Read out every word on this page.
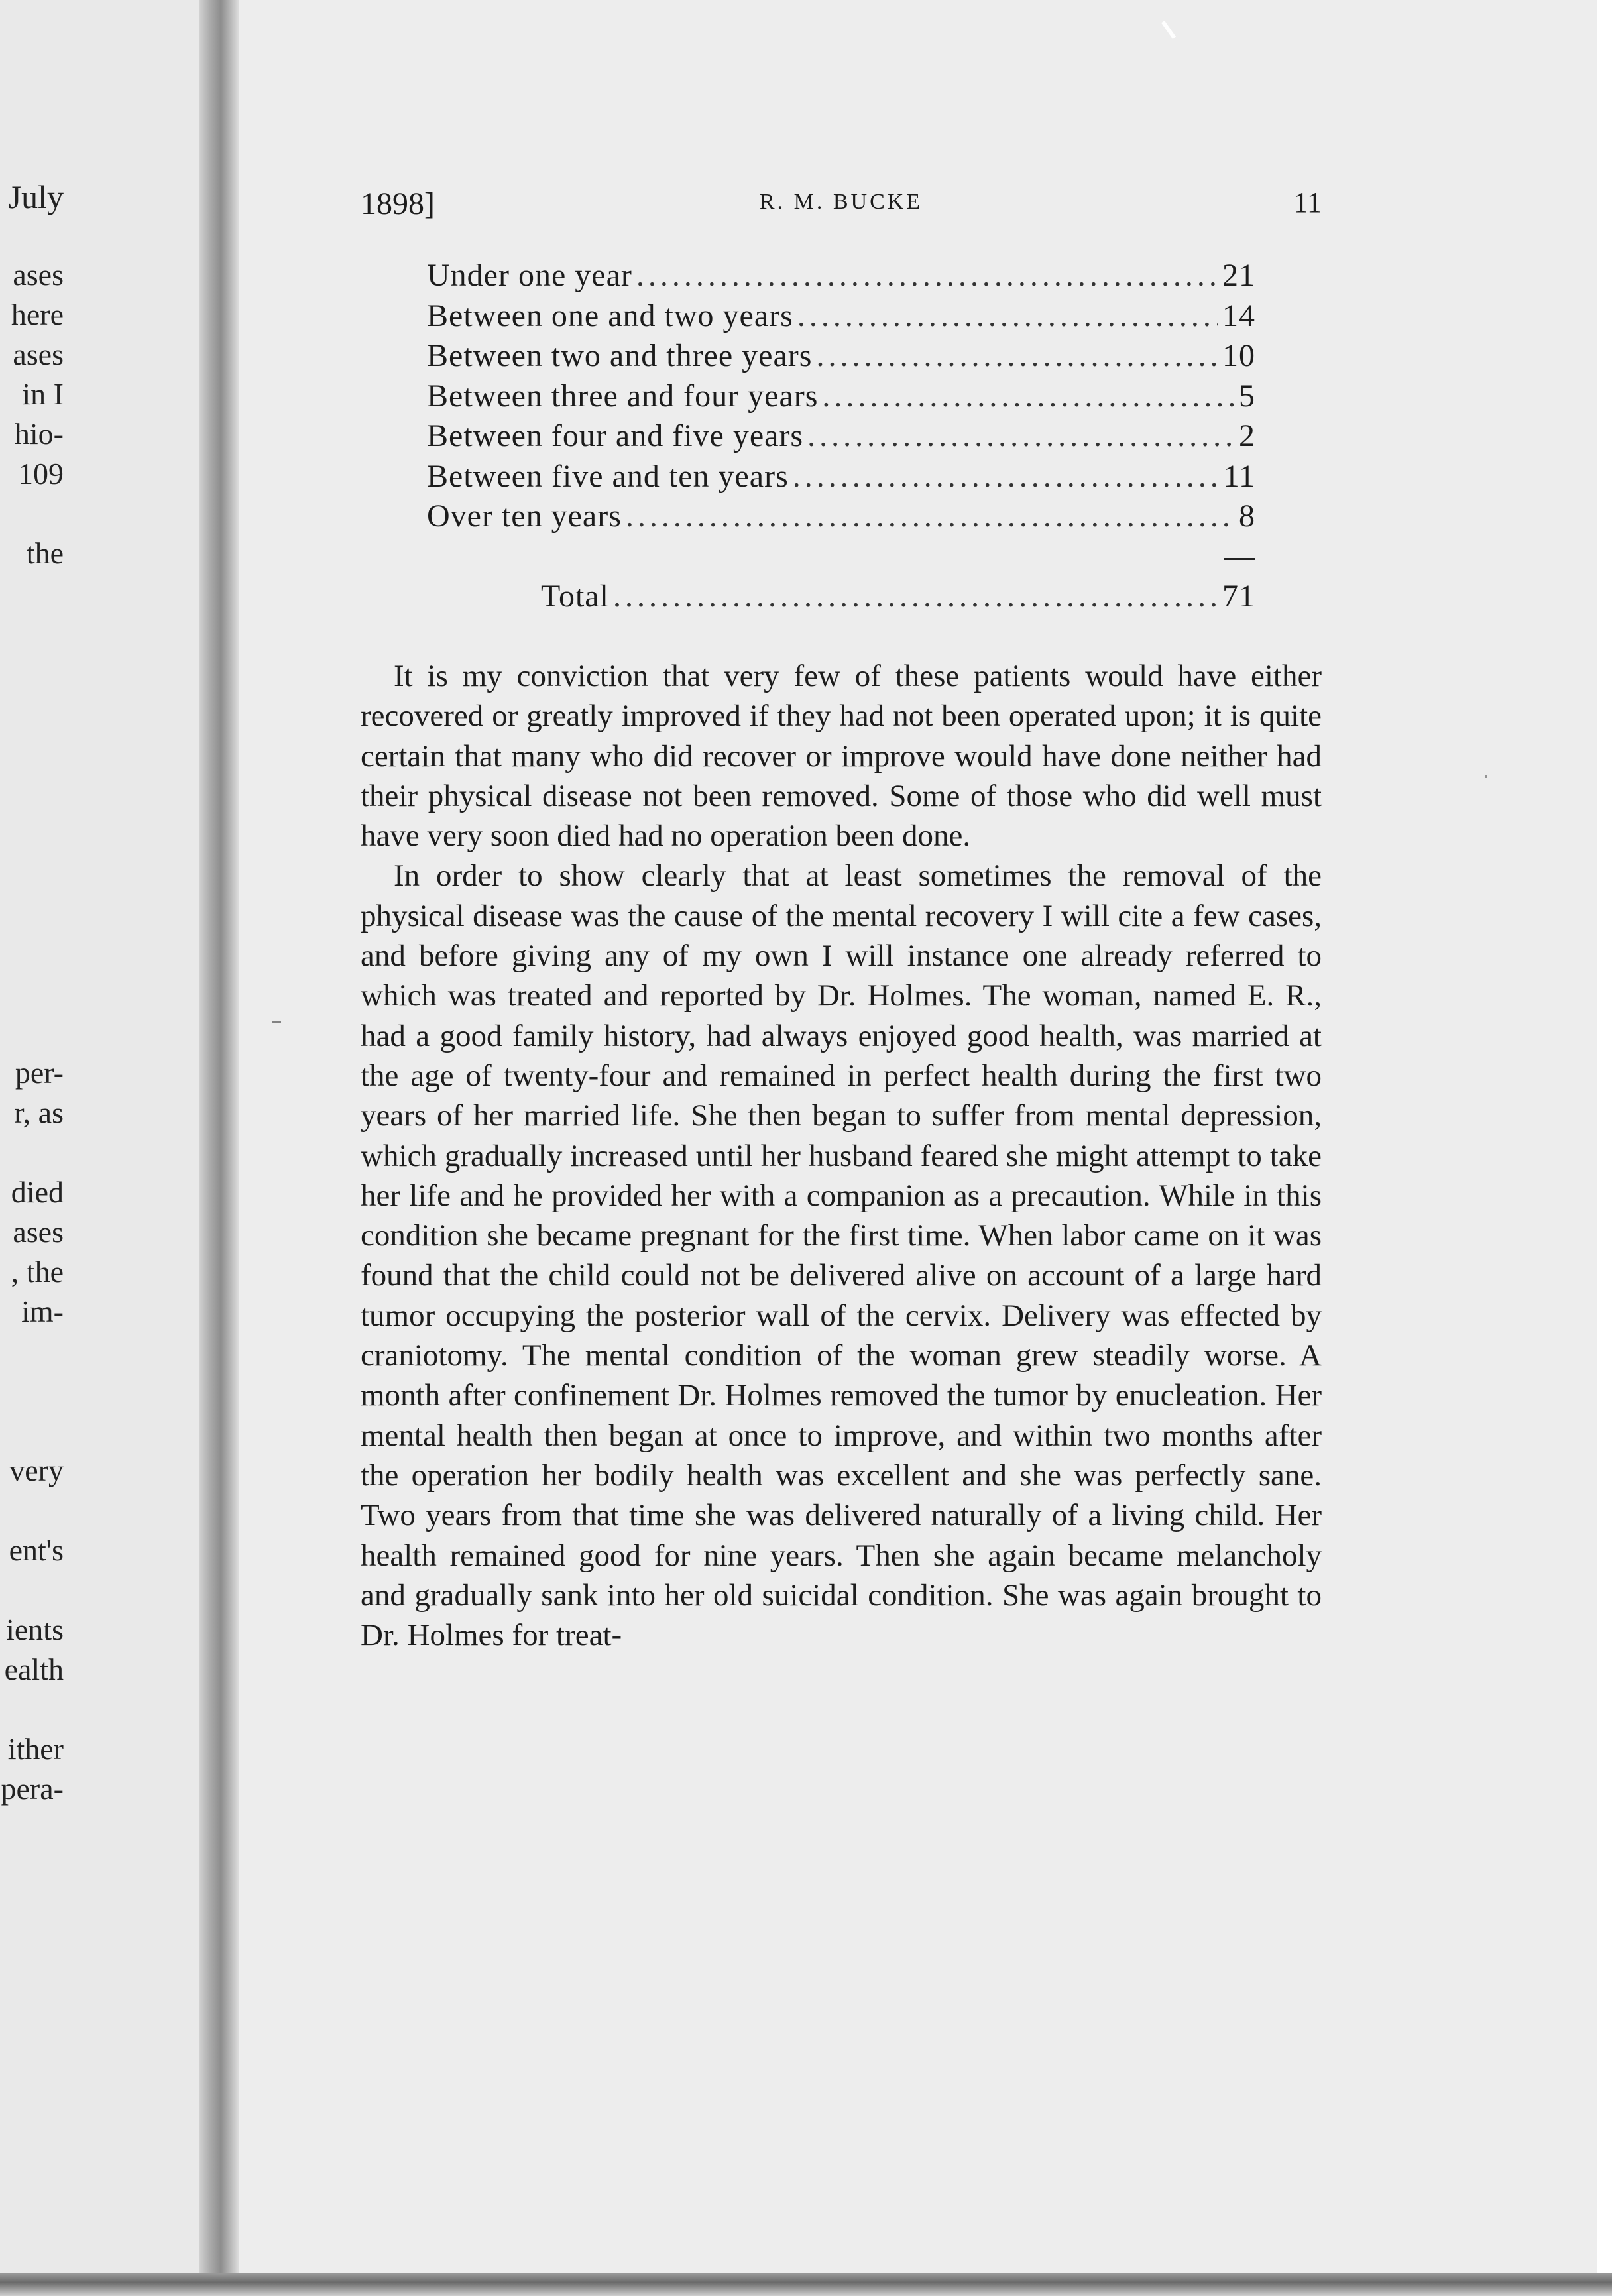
July
ases
here
ases
in I
hio-
109
the
per-
r, as
died
ases
, the
im-
very
ent's
ients
ealth
ither
pera-
1898]	R. M. BUCKE	11
Under one year .....	21
Between one and two years .....	14
Between two and three years .....	10
Between three and four years .....	5
Between four and five years .....	2
Between five and ten years .....	11
Over ten years .....	8
Total .....	71

It is my conviction that very few of these patients would have either recovered or greatly improved if they had not been operated upon; it is quite certain that many who did recover or improve would have done neither had their physical disease not been removed. Some of those who did well must have very soon died had no operation been done.

In order to show clearly that at least sometimes the removal of the physical disease was the cause of the mental recovery I will cite a few cases, and before giving any of my own I will instance one already referred to which was treated and reported by Dr. Holmes. The woman, named E. R., had a good family history, had always enjoyed good health, was married at the age of twenty-four and remained in perfect health during the first two years of her married life. She then began to suffer from mental depression, which gradually increased until her husband feared she might attempt to take her life and he provided her with a companion as a precaution. While in this condition she became pregnant for the first time. When labor came on it was found that the child could not be delivered alive on account of a large hard tumor occupying the posterior wall of the cervix. Delivery was effected by craniotomy. The mental condition of the woman grew steadily worse. A month after confinement Dr. Holmes removed the tumor by enucleation. Her mental health then began at once to improve, and within two months after the operation her bodily health was excellent and she was perfectly sane. Two years from that time she was delivered naturally of a living child. Her health remained good for nine years. Then she again became melancholy and gradually sank into her old suicidal condition. She was again brought to Dr. Holmes for treat-
